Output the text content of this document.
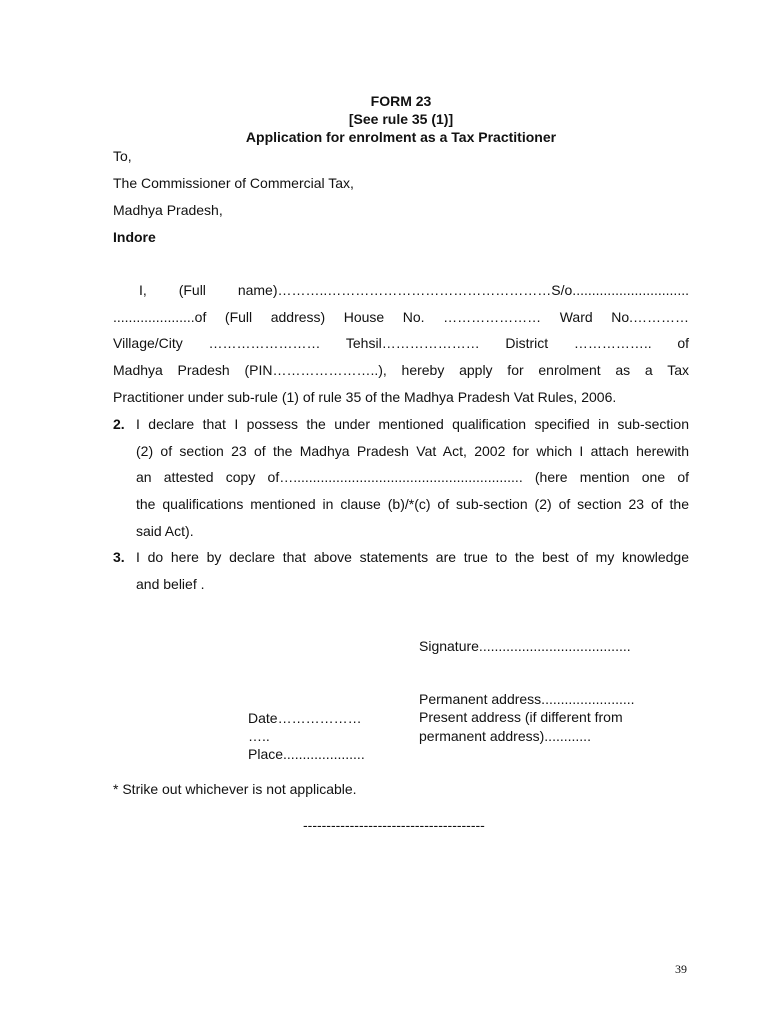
FORM 23
[See rule 35 (1)]
Application for enrolment as a Tax Practitioner
To,
The Commissioner of Commercial Tax,
Madhya Pradesh,
Indore
I, (Full name)………..…………………………………………S/o..............................
.....................of (Full address) House No. ………………… Ward No.…………
Village/City …………………… Tehsil………………… District …………….. of
Madhya Pradesh (PIN…………………..), hereby apply for enrolment as a Tax
Practitioner under sub-rule (1) of rule 35 of the Madhya Pradesh Vat Rules, 2006.
2. I declare that I possess the under mentioned qualification specified in sub-section
(2) of section 23 of the Madhya Pradesh Vat Act, 2002 for which I attach herewith
an attested copy of…........................................................... (here mention one of
the qualifications mentioned in clause (b)/*(c) of sub-section (2) of section 23 of the
said Act).
3. I do here by declare that above statements are true to the best of my knowledge
and belief .
Signature.......................................
Permanent address........................
Present address (if different from
permanent address)............
Date………………
…..
Place.....................
* Strike out whichever is not applicable.
---------------------------------------
39
